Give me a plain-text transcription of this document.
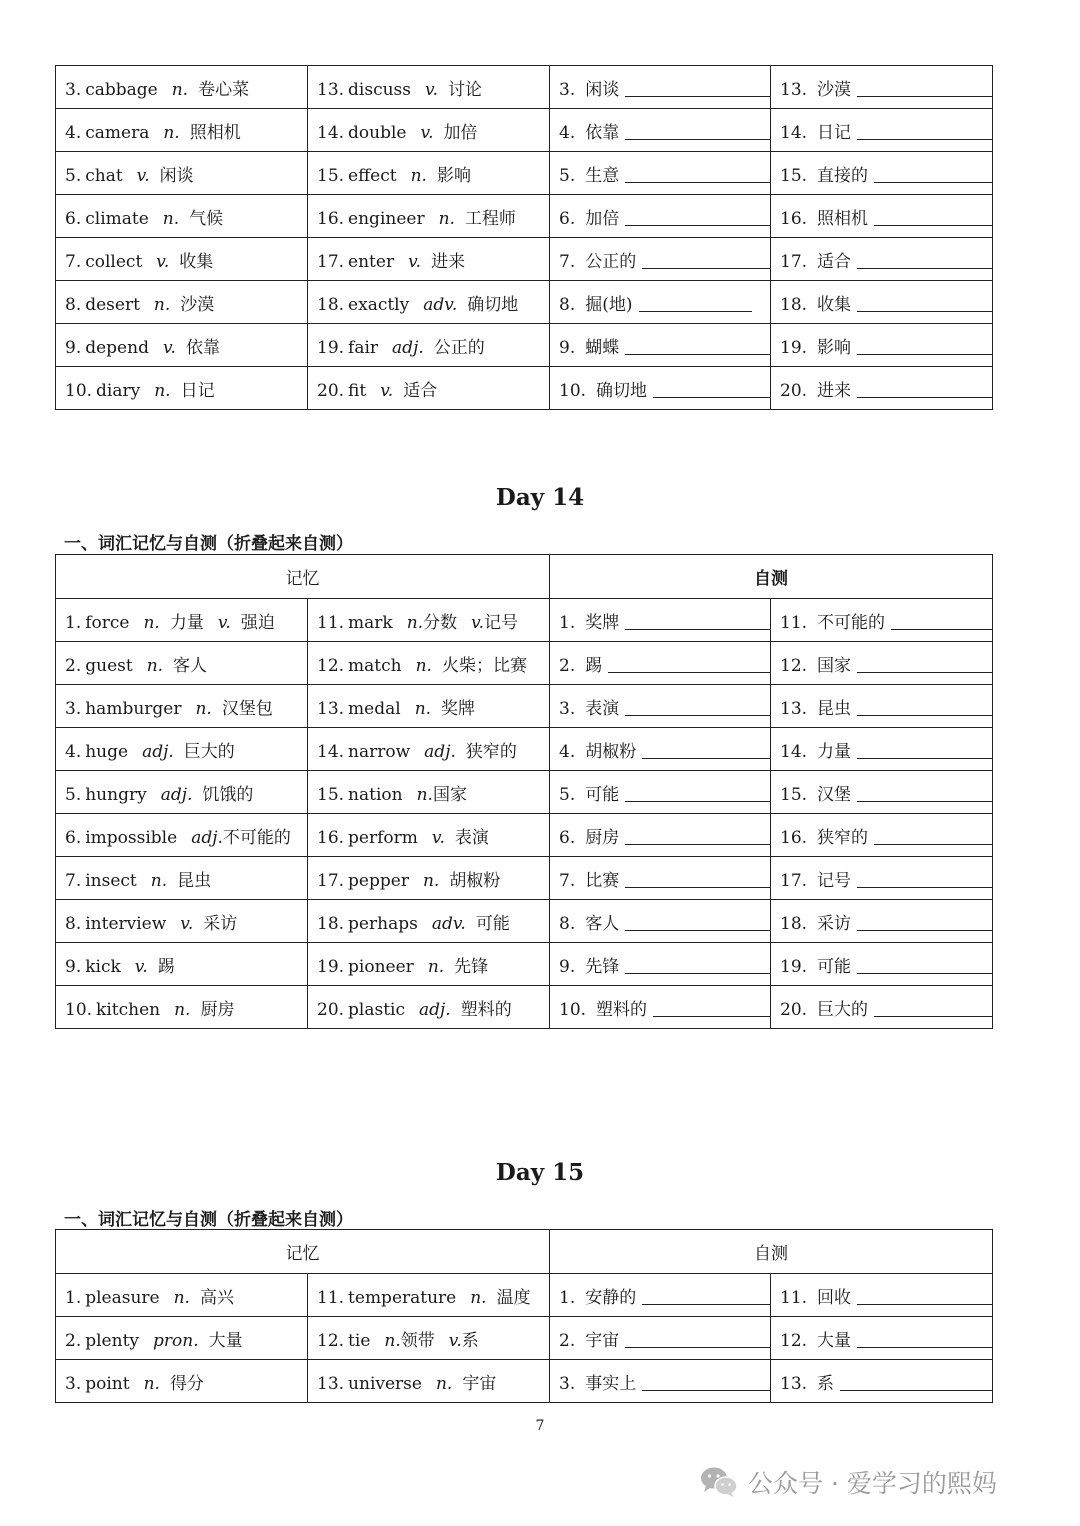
3. cabbage n. 卷心菜	13. discuss v. 讨论	3. 闲谈	13. 沙漠
4. camera n. 照相机	14. double v. 加倍	4. 依靠	14. 日记
5. chat v. 闲谈	15. effect n. 影响	5. 生意	15. 直接的
6. climate n. 气候	16. engineer n. 工程师	6. 加倍	16. 照相机
7. collect v. 收集	17. enter v. 进来	7. 公正的	17. 适合
8. desert n. 沙漠	18. exactly adv. 确切地	8. 掘(地)	18. 收集
9. depend v. 依靠	19. fair adj. 公正的	9. 蝴蝶	19. 影响
10. diary n. 日记	20. fit v. 适合	10. 确切地	20. 进来
Day 14
一、词汇记忆与自测（折叠起来自测）
记忆		自测	
1. force n. 力量 v. 强迫	11. mark n.分数 v.记号	1. 奖牌	11. 不可能的
2. guest n. 客人	12. match n. 火柴；比赛	2. 踢	12. 国家
3. hamburger n. 汉堡包	13. medal n. 奖牌	3. 表演	13. 昆虫
4. huge adj. 巨大的	14. narrow adj. 狭窄的	4. 胡椒粉	14. 力量
5. hungry adj. 饥饿的	15. nation n.国家	5. 可能	15. 汉堡
6. impossible adj.不可能的	16. perform v. 表演	6. 厨房	16. 狭窄的
7. insect n. 昆虫	17. pepper n. 胡椒粉	7. 比赛	17. 记号
8. interview v. 采访	18. perhaps adv. 可能	8. 客人	18. 采访
9. kick v. 踢	19. pioneer n. 先锋	9. 先锋	19. 可能
10. kitchen n. 厨房	20. plastic adj. 塑料的	10. 塑料的	20. 巨大的
Day 15
一、词汇记忆与自测（折叠起来自测）
记忆		自测	
1. pleasure n. 高兴	11. temperature n. 温度	1. 安静的	11. 回收
2. plenty pron. 大量	12. tie n.领带 v.系	2. 宇宙	12. 大量
3. point n. 得分	13. universe n. 宇宙	3. 事实上	13. 系
7
公众号 · 爱学习的熙妈
